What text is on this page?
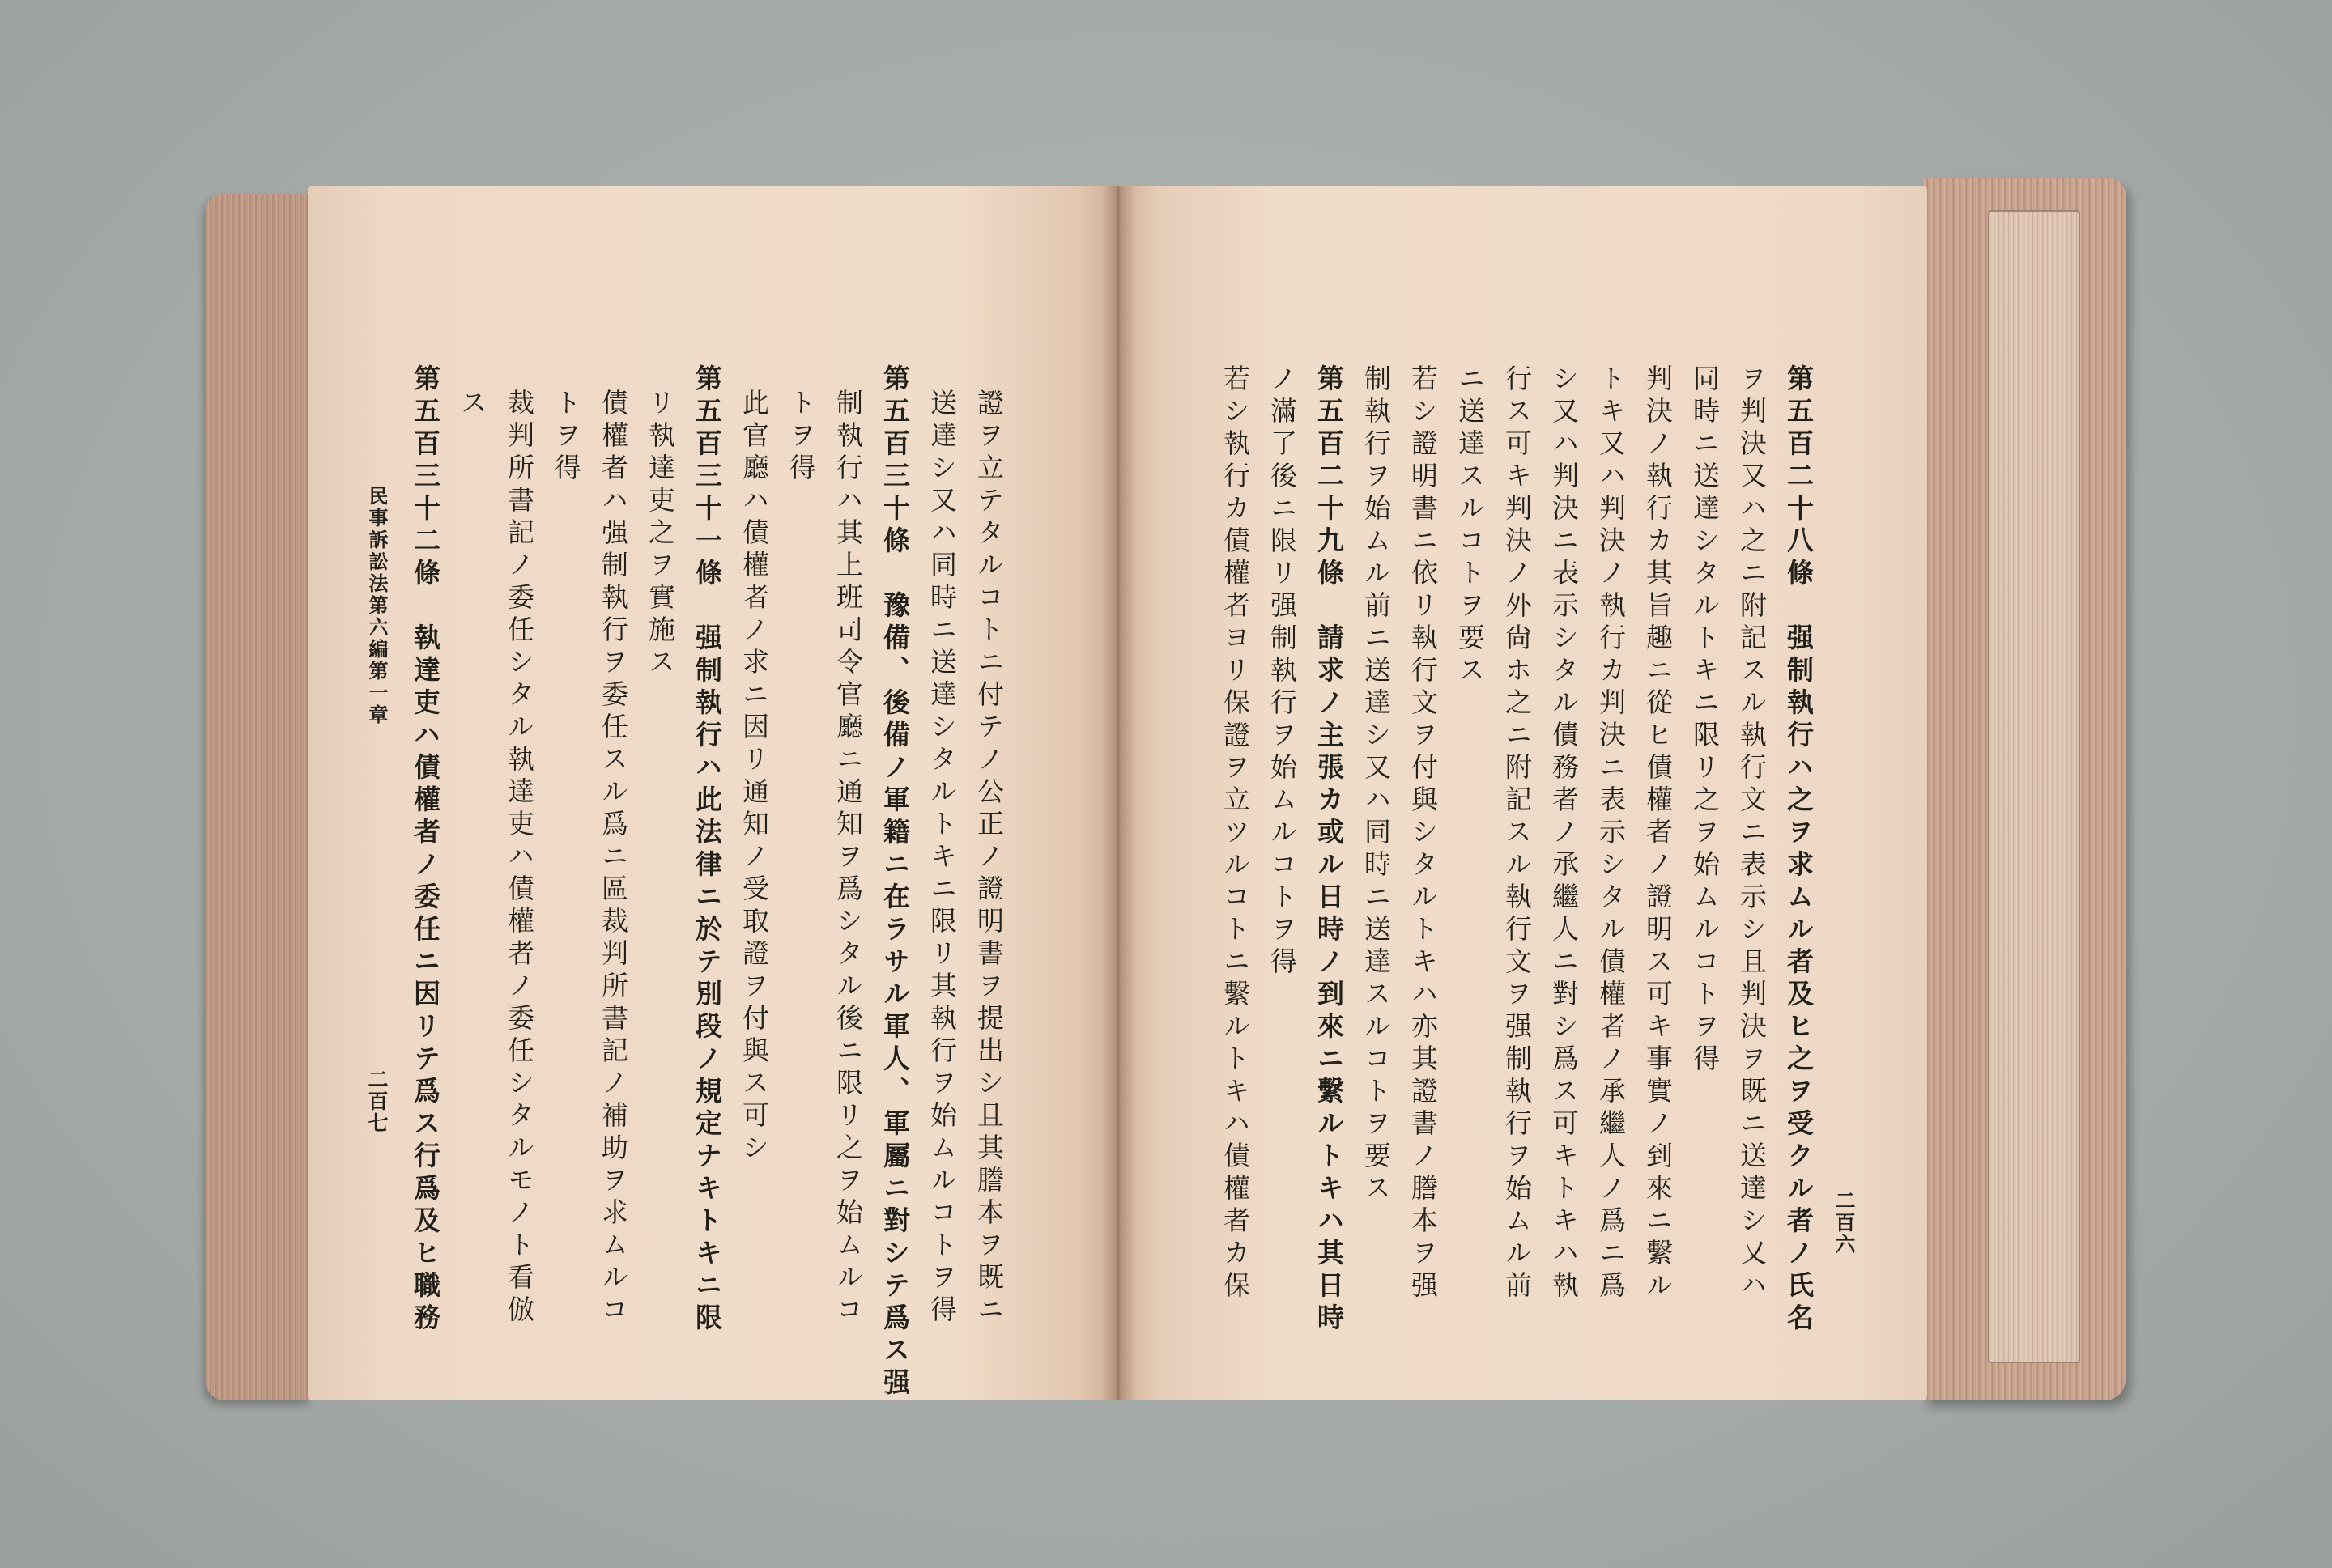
第五百二十八條　强制執行ハ之ヲ求ムル者及ヒ之ヲ受クル者ノ氏名
ヲ判決又ハ之ニ附記スル執行文ニ表示シ且判決ヲ既ニ送達シ又ハ
同時ニ送達シタルトキニ限リ之ヲ始ムルコトヲ得
判決ノ執行カ其旨趣ニ從ヒ債權者ノ證明ス可キ事實ノ到來ニ繫ル
トキ又ハ判決ノ執行カ判決ニ表示シタル債權者ノ承繼人ノ爲ニ爲
シ又ハ判決ニ表示シタル債務者ノ承繼人ニ對シ爲ス可キトキハ執
行ス可キ判決ノ外尙ホ之ニ附記スル執行文ヲ强制執行ヲ始ムル前
ニ送達スルコトヲ要ス
若シ證明書ニ依リ執行文ヲ付與シタルトキハ亦其證書ノ謄本ヲ强
制執行ヲ始ムル前ニ送達シ又ハ同時ニ送達スルコトヲ要ス
第五百二十九條　請求ノ主張カ或ル日時ノ到來ニ繫ルトキハ其日時
ノ滿了後ニ限リ强制執行ヲ始ムルコトヲ得
若シ執行カ債權者ヨリ保證ヲ立ツルコトニ繫ルトキハ債權者カ保	二百六
證ヲ立テタルコトニ付テノ公正ノ證明書ヲ提出シ且其謄本ヲ既ニ
送達シ又ハ同時ニ送達シタルトキニ限リ其執行ヲ始ムルコトヲ得
第五百三十條　豫備、後備ノ軍籍ニ在ラサル軍人、軍屬ニ對シテ爲ス强
制執行ハ其上班司令官廳ニ通知ヲ爲シタル後ニ限リ之ヲ始ムルコ
トヲ得
此官廳ハ債權者ノ求ニ因リ通知ノ受取證ヲ付與ス可シ
第五百三十一條　强制執行ハ此法律ニ於テ別段ノ規定ナキトキニ限
リ執達吏之ヲ實施ス
債權者ハ强制執行ヲ委任スル爲ニ區裁判所書記ノ補助ヲ求ムルコ
トヲ得
裁判所書記ノ委任シタル執達吏ハ債權者ノ委任シタルモノト看倣
ス
第五百三十二條　執達吏ハ債權者ノ委任ニ因リテ爲ス行爲及ヒ職務
民事訴訟法第六編第一章
二百七
